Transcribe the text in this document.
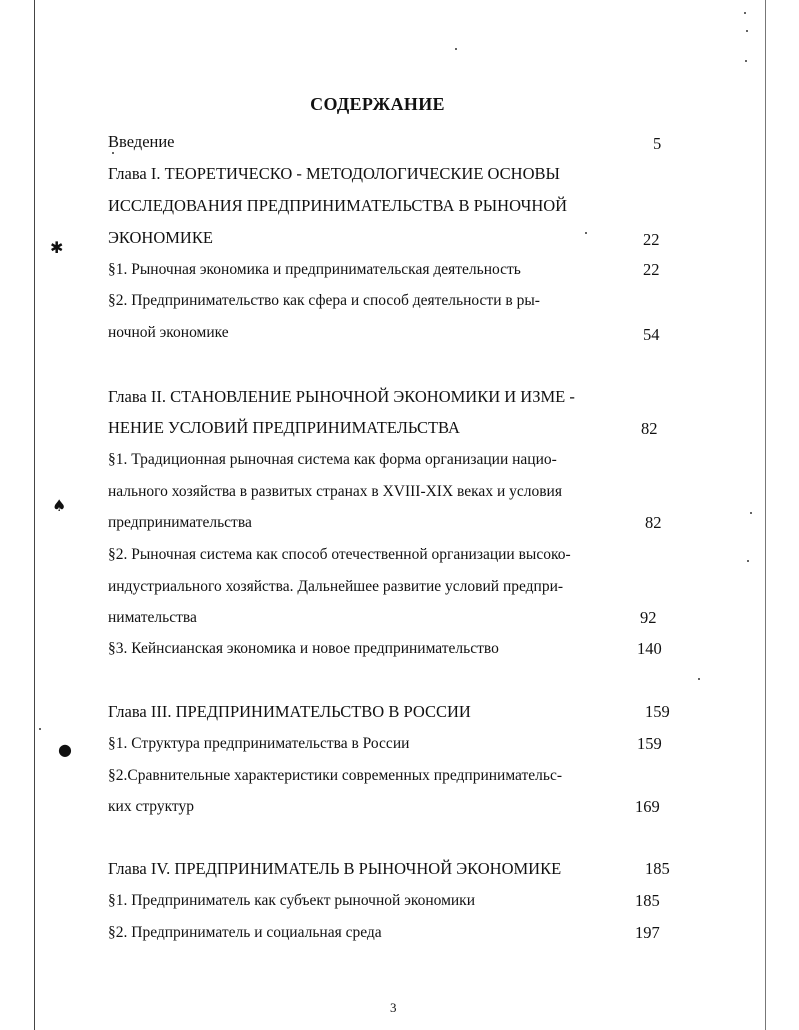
✱
♠
●
СОДЕРЖАНИЕ
Введение	5
Глава I. ТЕОРЕТИЧЕСКО - МЕТОДОЛОГИЧЕСКИЕ ОСНОВЫ
ИССЛЕДОВАНИЯ ПРЕДПРИНИМАТЕЛЬСТВА В РЫНОЧНОЙ
ЭКОНОМИКЕ	22
§1. Рыночная экономика и предпринимательская деятельность	22
§2. Предпринимательство как сфера и способ деятельности в ры-
ночной экономике	54
Глава II. СТАНОВЛЕНИЕ РЫНОЧНОЙ ЭКОНОМИКИ И ИЗМЕ -
НЕНИЕ УСЛОВИЙ ПРЕДПРИНИМАТЕЛЬСТВА	82
§1. Традиционная рыночная система как форма организации нацио-
нального хозяйства в развитых странах в XVIII-XIX веках и условия
предпринимательства	82
§2. Рыночная система как способ отечественной организации высоко-
индустриального хозяйства. Дальнейшее развитие условий предпри-
нимательства	92
§3. Кейнсианская экономика и новое предпринимательство	140
Глава III. ПРЕДПРИНИМАТЕЛЬСТВО В РОССИИ	159
§1. Структура предпринимательства в России	159
§2.Сравнительные характеристики современных предпринимательс-
ких структур	169
Глава IV. ПРЕДПРИНИМАТЕЛЬ В РЫНОЧНОЙ ЭКОНОМИКЕ	185
§1. Предприниматель как субъект рыночной экономики	185
§2. Предприниматель и социальная среда	197
3
